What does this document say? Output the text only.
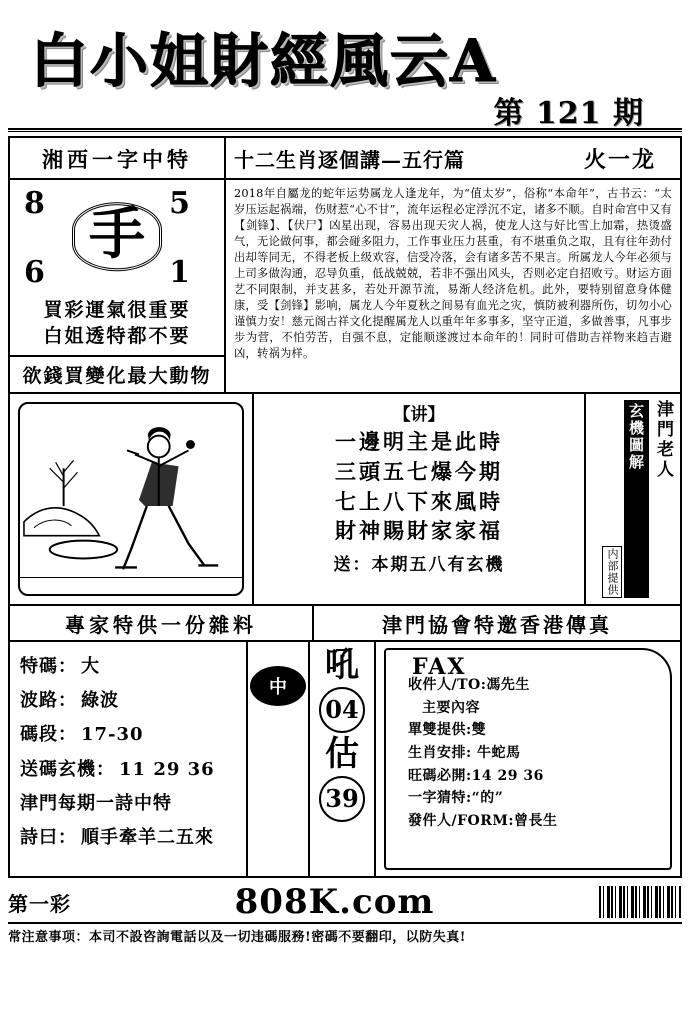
白小姐財經風云A
第 121 期
湘西一字中特
8	5
6	1
手
買彩運氣很重要
白姐透特都不要
欲錢買變化最大動物
十二生肖逐個講—五行篇	火一龙
2018年自屬龙的蛇年运势属龙人逢龙年，为“值太岁”，俗称“本命年”，古书云：“太岁压运起祸端，伤财惹“心不甘”，流年运程必定浮沉不定，诸多不顺。自时命宫中又有【剑锋】、【伏尸】凶星出现，容易出现天灾人祸，使龙人这与好比雪上加霜，热烫盛气，无论做何事，都会碰多阻力，工作事业压力甚重，有不堪重负之取，且有往年劲付出却等同无，不得老板上级欢容，信受冷落，会有诸多苦不果言。所属龙人今年必须与上司多做沟通，忍导负重，低战兢兢，若非不强出风头，否则必定自招败亏。财运方面艺不同限制，并支甚多，若处开源节流，易渐人经济危机。此外，要特别留意身体健康，受【剑锋】影响，属龙人今年夏秋之间易有血光之灾，慎防被利器所伤，切勿小心谨慎力安！慈元阁古祥文化提醒属龙人以重年年多事多，坚守正道，多做善事，凡事步步为营，不怕劳苦，自强不息，定能顺遂渡过本命年的！同时可借助吉祥物来趋吉避凶，转祸为样。
【讲】
一邊明主是此時
三頭五七爆今期
七上八下來風時
財神賜財家家福
送：本期五八有玄機
津門老人
玄機圖解
内部提供
專家特供一份雜料	津門協會特邀香港傳真
特碼： 大
波路： 綠波
碼段： 17-30
送碼玄機： 11 29 36
津門每期一詩中特
詩曰： 順手牽羊二五來
中
吼
04
估
39
FAX
收件人/TO:馮先生
主要內容
單雙提供:雙
生肖安排: 牛蛇馬
旺碼必開:14 29 36
一字猜特:“的”
發件人/FORM:曾長生
第一彩	808K.com
常注意事项：本司不設咨詢電話以及一切违碼服務!密碼不要翻印，以防失真!
